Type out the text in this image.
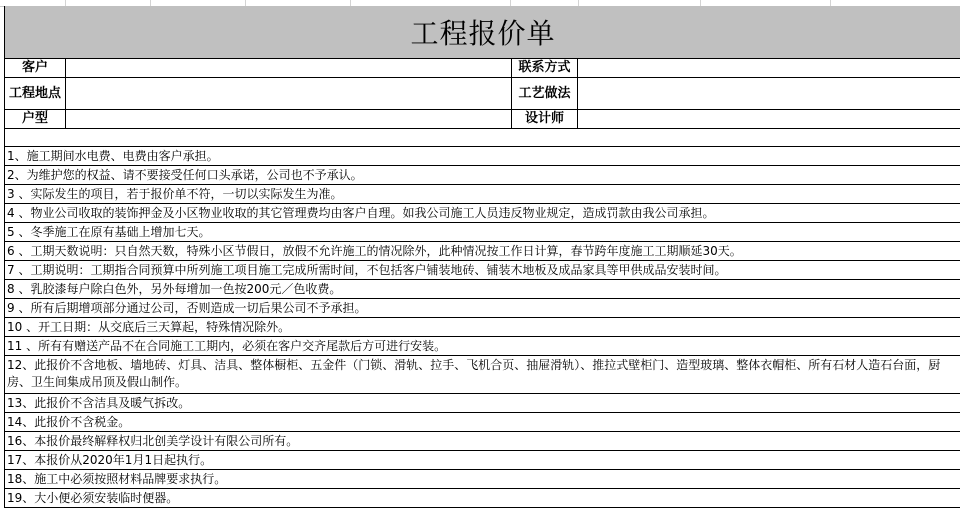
工程报价单
客户		联系方式	
工程地点		工艺做法	
户型		设计师	
1、施工期间水电费、电费由客户承担。
2、为维护您的权益、请不要接受任何口头承诺，公司也不予承认。
3 、实际发生的项目，若于报价单不符，一切以实际发生为准。
4 、物业公司收取的装饰押金及小区物业收取的其它管理费均由客户自理。如我公司施工人员违反物业规定，造成罚款由我公司承担。
5 、冬季施工在原有基础上增加七天。
6 、工期天数说明：只自然天数，特殊小区节假日，放假不允许施工的情况除外，此种情况按工作日计算，春节跨年度施工工期顺延30天。
7 、工期说明：工期指合同预算中所列施工项目施工完成所需时间，不包括客户铺装地砖、铺装木地板及成品家具等甲供成品安装时间。
8 、乳胶漆每户除白色外，另外每增加一色按200元／色收费。
9 、所有后期增项部分通过公司，否则造成一切后果公司不予承担。
10 、开工日期：从交底后三天算起，特殊情况除外。
11 、所有有赠送产品不在合同施工工期内，必须在客户交齐尾款后方可进行安装。
12、此报价不含地板、墙地砖、灯具、洁具、整体橱柜、五金件（门锁、滑轨、拉手、飞机合页、抽屉滑轨）、推拉式壁柜门、造型玻璃、整体衣帽柜、所有石材人造石台面，厨房、卫生间集成吊顶及假山制作。
13、此报价不含洁具及暖气拆改。
14、此报价不含税金。
16、本报价最终解释权归北创美学设计有限公司所有。
17、本报价从2020年1月1日起执行。
18、施工中必须按照材料品牌要求执行。
19、大小便必须安装临时便器。
